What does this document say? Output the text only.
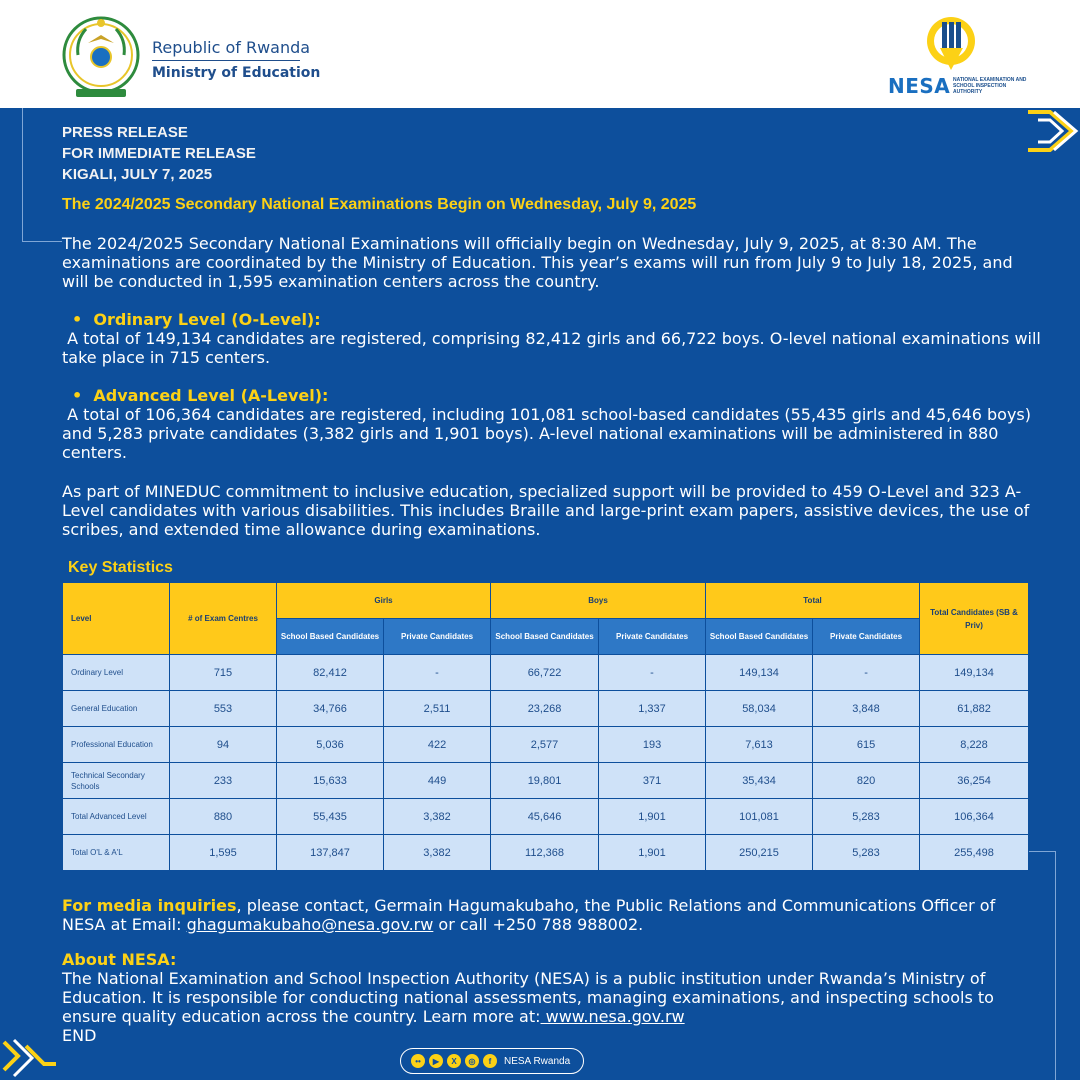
Republic of Rwanda
Ministry of Education
NESA NATIONAL EXAMINATION AND SCHOOL INSPECTION AUTHORITY
PRESS RELEASE
FOR IMMEDIATE RELEASE
KIGALI, JULY 7, 2025
The 2024/2025 Secondary National Examinations Begin on Wednesday, July 9, 2025
The 2024/2025 Secondary National Examinations will officially begin on Wednesday, July 9, 2025, at 8:30 AM. The examinations are coordinated by the Ministry of Education. This year’s exams will run from July 9 to July 18, 2025, and will be conducted in 1,595 examination centers across the country.
•  Ordinary Level (O-Level):
A total of 149,134 candidates are registered, comprising 82,412 girls and 66,722 boys. O-level national examinations will take place in 715 centers.
•  Advanced Level (A-Level):
A total of 106,364 candidates are registered, including 101,081 school-based candidates (55,435 girls and 45,646 boys) and 5,283 private candidates (3,382 girls and 1,901 boys). A-level national examinations will be administered in 880 centers.
As part of MINEDUC commitment to inclusive education, specialized support will be provided to 459 O-Level and 323 A-Level candidates with various disabilities. This includes Braille and large-print exam papers, assistive devices, the use of scribes, and extended time allowance during examinations.
Key Statistics
Level	# of Exam Centres	Girls		Boys		Total		Total Candidates (SB & Priv)
		School Based Candidates	Private Candidates	School Based Candidates	Private Candidates	School Based Candidates	Private Candidates	
Ordinary Level	715	82,412	-	66,722	-	149,134	-	149,134
General Education	553	34,766	2,511	23,268	1,337	58,034	3,848	61,882
Professional Education	94	5,036	422	2,577	193	7,613	615	8,228
Technical Secondary Schools	233	15,633	449	19,801	371	35,434	820	36,254
Total Advanced Level	880	55,435	3,382	45,646	1,901	101,081	5,283	106,364
Total O'L & A'L	1,595	137,847	3,382	112,368	1,901	250,215	5,283	255,498
For media inquiries, please contact, Germain Hagumakubaho, the Public Relations and Communications Officer of NESA at Email: ghagumakubaho@nesa.gov.rw or call +250 788 988002.
About NESA:
The National Examination and School Inspection Authority (NESA) is a public institution under Rwanda’s Ministry of Education. It is responsible for conducting national assessments, managing examinations, and inspecting schools to ensure quality education across the country. Learn more at: www.nesa.gov.rw
END
••	▶	X	◎	f	NESA Rwanda
